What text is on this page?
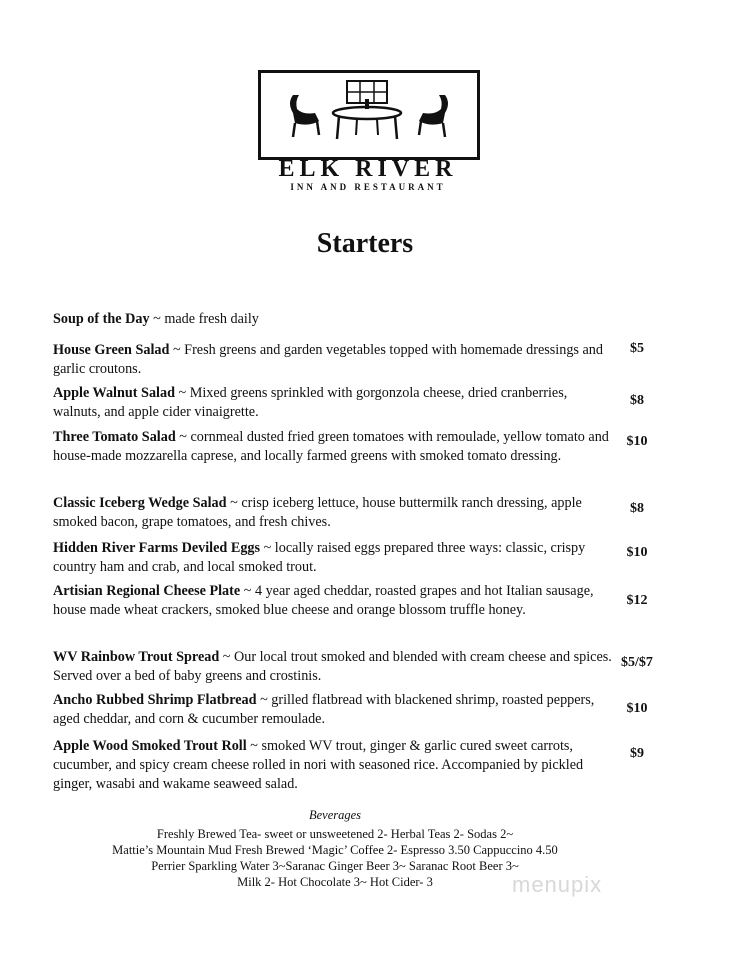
ELK RIVER
INN AND RESTAURANT
Starters
Soup of the Day ~ made fresh daily
House Green Salad ~ Fresh greens and garden vegetables topped with homemade dressings and garlic croutons.
$5
Apple Walnut Salad ~ Mixed greens sprinkled with gorgonzola cheese, dried cranberries, walnuts, and apple cider vinaigrette.
$8
Three Tomato Salad ~ cornmeal dusted fried green tomatoes with remoulade, yellow tomato and house-made mozzarella caprese, and locally farmed greens with smoked tomato dressing.
$10
Classic Iceberg Wedge Salad ~ crisp iceberg lettuce, house buttermilk ranch dressing, apple smoked bacon, grape tomatoes, and fresh chives.
$8
Hidden River Farms Deviled Eggs ~ locally raised eggs prepared three ways: classic, crispy country ham and crab, and local smoked trout.
$10
Artisian Regional Cheese Plate ~ 4 year aged cheddar, roasted grapes and hot Italian sausage, house made wheat crackers, smoked blue cheese and orange blossom truffle honey.
$12
WV Rainbow Trout Spread ~ Our local trout smoked and blended with cream cheese and spices. Served over a bed of baby greens and crostinis.
$5/$7
Ancho Rubbed Shrimp Flatbread ~ grilled flatbread with blackened shrimp, roasted peppers, aged cheddar, and corn & cucumber remoulade.
$10
Apple Wood Smoked Trout Roll ~ smoked WV trout, ginger & garlic cured sweet carrots, cucumber, and spicy cream cheese rolled in nori with seasoned rice. Accompanied by pickled ginger, wasabi and wakame seaweed salad.
$9
Beverages
Freshly Brewed Tea- sweet or unsweetened 2- Herbal Teas 2- Sodas 2~
Mattie’s Mountain Mud Fresh Brewed ‘Magic’ Coffee 2- Espresso 3.50 Cappuccino 4.50
Perrier Sparkling Water 3~Saranac Ginger Beer 3~ Saranac Root Beer 3~
Milk 2- Hot Chocolate 3~ Hot Cider- 3	menupix
